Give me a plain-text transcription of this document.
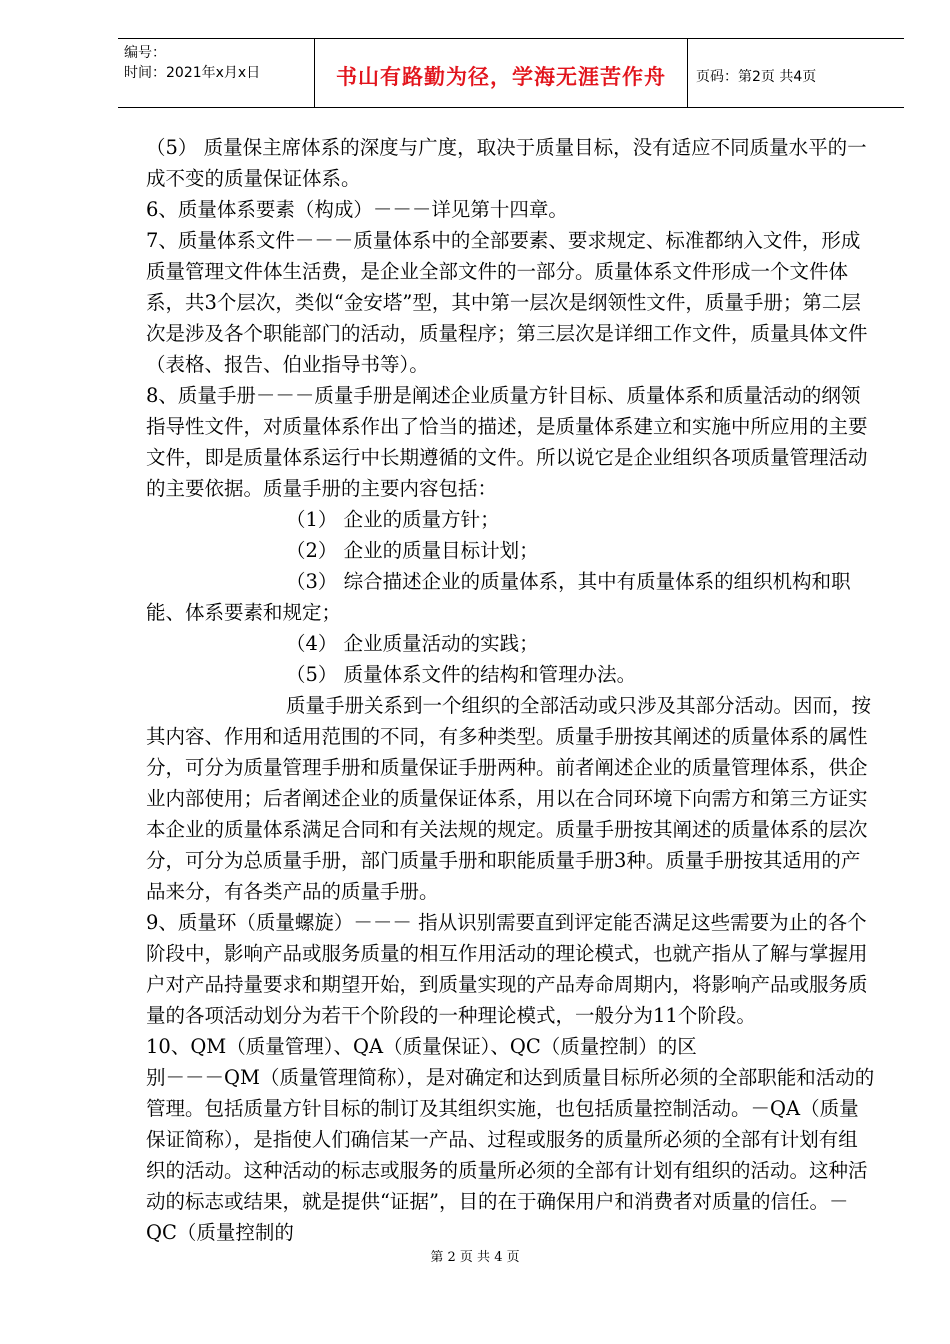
编号：
时间：2021年x月x日	书山有路勤为径，学海无涯苦作舟	页码：第2页 共4页

（5） 质量保主席体系的深度与广度，取决于质量目标，没有适应不同质量水平的一成不变的质量保证体系。

6、质量体系要素（构成）－－－详见第十四章。

7、质量体系文件－－－质量体系中的全部要素、要求规定、标准都纳入文件，形成质量管理文件体生活费，是企业全部文件的一部分。质量体系文件形成一个文件体系，共3个层次，类似“金安塔”型，其中第一层次是纲领性文件，质量手册；第二层次是涉及各个职能部门的活动，质量程序；第三层次是详细工作文件，质量具体文件（表格、报告、伯业指导书等）。

8、质量手册－－－质量手册是阐述企业质量方针目标、质量体系和质量活动的纲领指导性文件，对质量体系作出了恰当的描述，是质量体系建立和实施中所应用的主要文件，即是质量体系运行中长期遵循的文件。所以说它是企业组织各项质量管理活动的主要依据。质量手册的主要内容包括：

（1） 企业的质量方针；

（2） 企业的质量目标计划；

（3） 综合描述企业的质量体系，其中有质量体系的组织机构和职能、体系要素和规定；

（4） 企业质量活动的实践；

（5） 质量体系文件的结构和管理办法。

质量手册关系到一个组织的全部活动或只涉及其部分活动。因而，按其内容、作用和适用范围的不同，有多种类型。质量手册按其阐述的质量体系的属性分，可分为质量管理手册和质量保证手册两种。前者阐述企业的质量管理体系，供企业内部使用；后者阐述企业的质量保证体系，用以在合同环境下向需方和第三方证实本企业的质量体系满足合同和有关法规的规定。质量手册按其阐述的质量体系的层次分，可分为总质量手册，部门质量手册和职能质量手册3种。质量手册按其适用的产品来分，有各类产品的质量手册。

9、质量环（质量螺旋）－－－ 指从识别需要直到评定能否满足这些需要为止的各个阶段中，影响产品或服务质量的相互作用活动的理论模式，也就产指从了解与掌握用户对产品持量要求和期望开始，到质量实现的产品寿命周期内，将影响产品或服务质量的各项活动划分为若干个阶段的一种理论模式，一般分为11个阶段。

10、QM（质量管理）、QA（质量保证）、QC（质量控制）的区

别－－－QM（质量管理简称），是对确定和达到质量目标所必须的全部职能和活动的管理。包括质量方针目标的制订及其组织实施，也包括质量控制活动。－QA（质量保证简称），是指使人们确信某一产品、过程或服务的质量所必须的全部有计划有组织的活动。这种活动的标志或服务的质量所必须的全部有计划有组织的活动。这种活动的标志或结果，就是提供“证据”，目的在于确保用户和消费者对质量的信任。－QC（质量控制的

第 2 页 共 4 页
